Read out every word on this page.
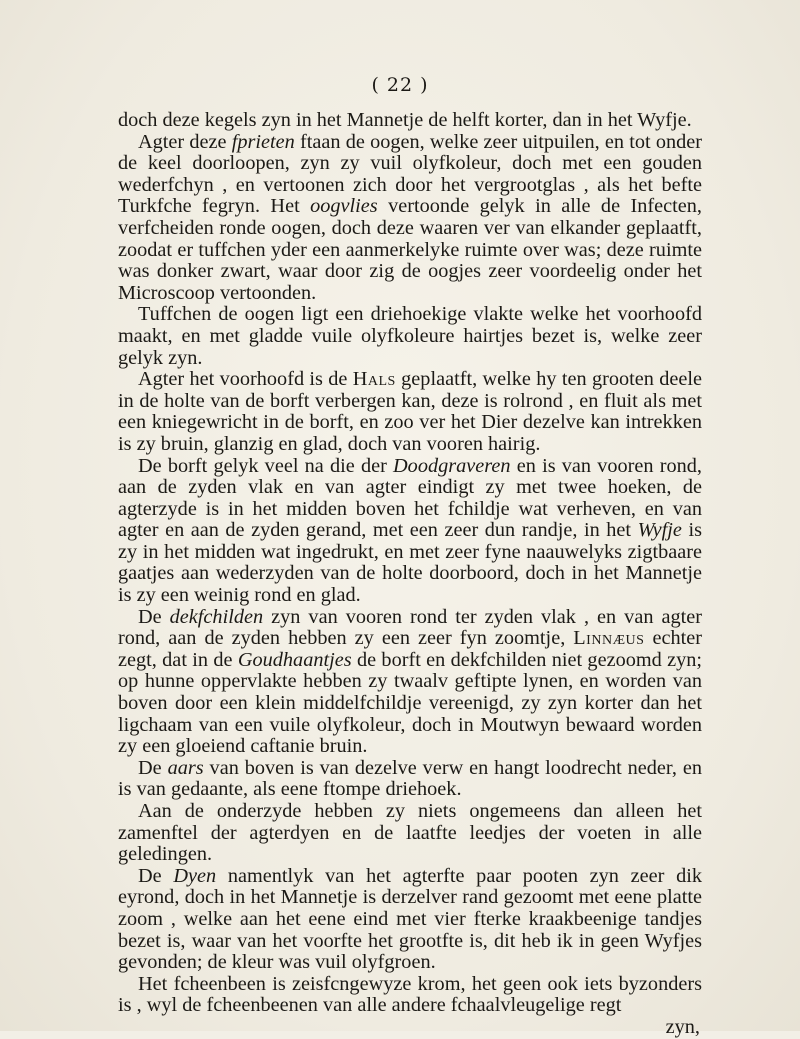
( 22 )

doch deze kegels zyn in het Mannetje de helft korter, dan in het Wyfje.

Agter deze fprieten ftaan de oogen, welke zeer uitpuilen, en tot onder de keel doorloopen, zyn zy vuil olyfkoleur, doch met een gouden wederfchyn , en vertoonen zich door het vergrootglas , als het befte Turkfche fegryn. Het oogvlies vertoonde gelyk in alle de Infecten, verfcheiden ronde oogen, doch deze waaren ver van elkander geplaatft, zoodat er tuffchen yder een aanmerkelyke ruimte over was; deze ruimte was donker zwart, waar door zig de oogjes zeer voordeelig onder het Microscoop vertoonden.

Tuffchen de oogen ligt een driehoekige vlakte welke het voorhoofd maakt, en met gladde vuile olyfkoleure hairtjes bezet is, welke zeer gelyk zyn.

Agter het voorhoofd is de Hals geplaatft, welke hy ten grooten deele in de holte van de borft verbergen kan, deze is rolrond , en fluit als met een kniegewricht in de borft, en zoo ver het Dier dezelve kan intrekken is zy bruin, glanzig en glad, doch van vooren hairig.

De borft gelyk veel na die der Doodgraveren en is van vooren rond, aan de zyden vlak en van agter eindigt zy met twee hoeken, de agterzyde is in het midden boven het fchildje wat verheven, en van agter en aan de zyden gerand, met een zeer dun randje, in het Wyfje is zy in het midden wat ingedrukt, en met zeer fyne naauwelyks zigtbaare gaatjes aan wederzyden van de holte doorboord, doch in het Mannetje is zy een weinig rond en glad.

De dekfchilden zyn van vooren rond ter zyden vlak , en van agter rond, aan de zyden hebben zy een zeer fyn zoomtje, Linnæus echter zegt, dat in de Goudhaantjes de borft en dekfchilden niet gezoomd zyn; op hunne oppervlakte hebben zy twaalv geftipte lynen, en worden van boven door een klein middelfchildje vereenigd, zy zyn korter dan het ligchaam van een vuile olyfkoleur, doch in Moutwyn bewaard worden zy een gloeiend caftanie bruin.

De aars van boven is van dezelve verw en hangt loodrecht neder, en is van gedaante, als eene ftompe driehoek.

Aan de onderzyde hebben zy niets ongemeens dan alleen het zamenftel der agterdyen en de laatfte leedjes der voeten in alle geledingen.

De Dyen namentlyk van het agterfte paar pooten zyn zeer dik eyrond, doch in het Mannetje is derzelver rand gezoomt met eene platte zoom , welke aan het eene eind met vier fterke kraakbeenige tandjes bezet is, waar van het voorfte het grootfte is, dit heb ik in geen Wyfjes gevonden; de kleur was vuil olyfgroen.

Het fcheenbeen is zeisfcngewyze krom, het geen ook iets byzonders is , wyl de fcheenbeenen van alle andere fchaalvleugelige regt

zyn,
